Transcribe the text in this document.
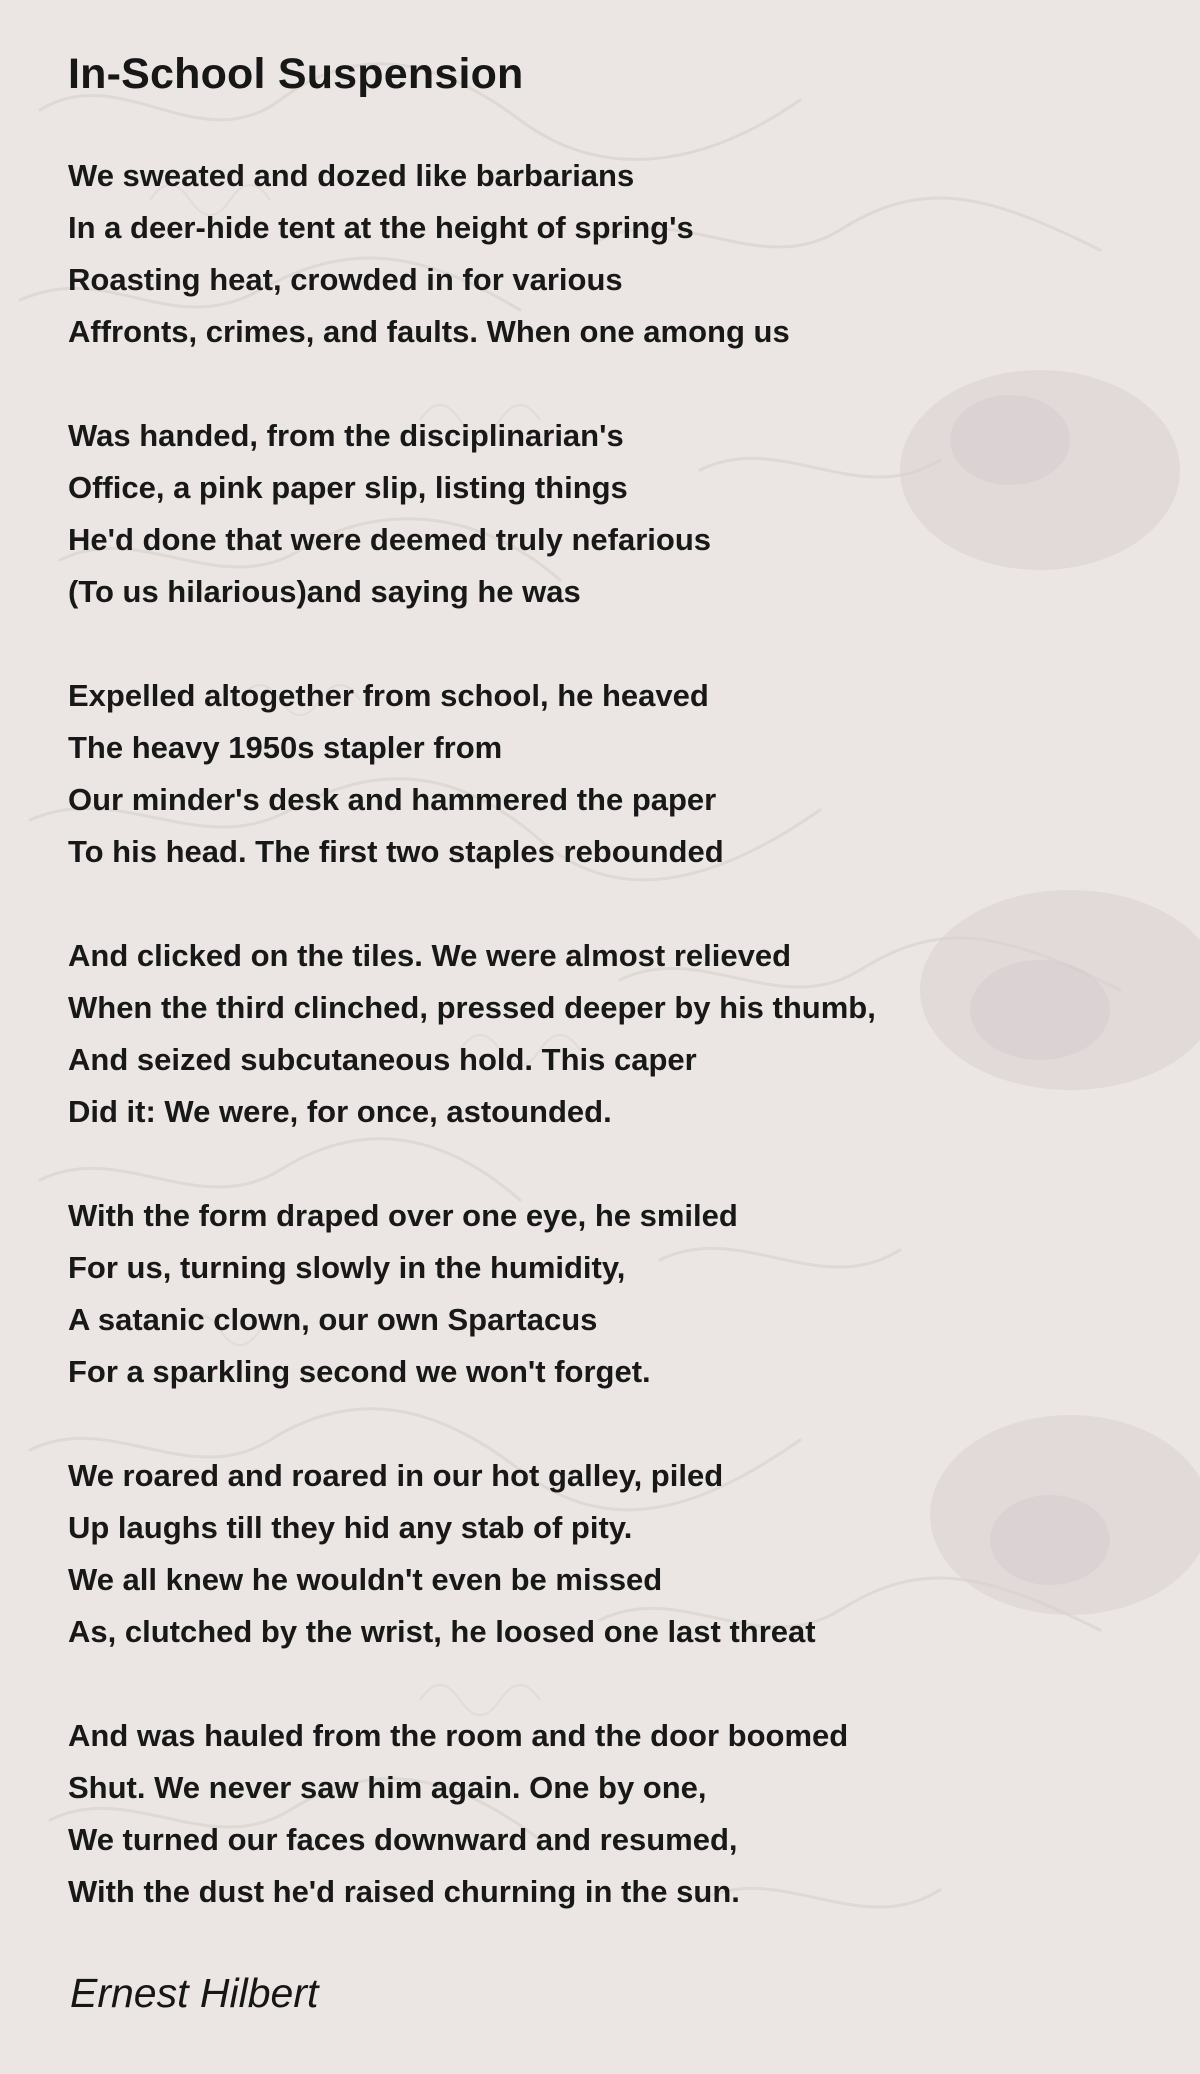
In-School Suspension
We sweated and dozed like barbarians
In a deer-hide tent at the height of spring's
Roasting heat, crowded in for various
Affronts, crimes, and faults. When one among us
Was handed, from the disciplinarian's
Office, a pink paper slip, listing things
He'd done that were deemed truly nefarious
(To us hilarious)and saying he was
Expelled altogether from school, he heaved
The heavy 1950s stapler from
Our minder's desk and hammered the paper
To his head. The first two staples rebounded
And clicked on the tiles. We were almost relieved
When the third clinched, pressed deeper by his thumb,
And seized subcutaneous hold. This caper
Did it: We were, for once, astounded.
With the form draped over one eye, he smiled
For us, turning slowly in the humidity,
A satanic clown, our own Spartacus
For a sparkling second we won't forget.
We roared and roared in our hot galley, piled
Up laughs till they hid any stab of pity.
We all knew he wouldn't even be missed
As, clutched by the wrist, he loosed one last threat
And was hauled from the room and the door boomed
Shut. We never saw him again. One by one,
We turned our faces downward and resumed,
With the dust he'd raised churning in the sun.

Ernest Hilbert
